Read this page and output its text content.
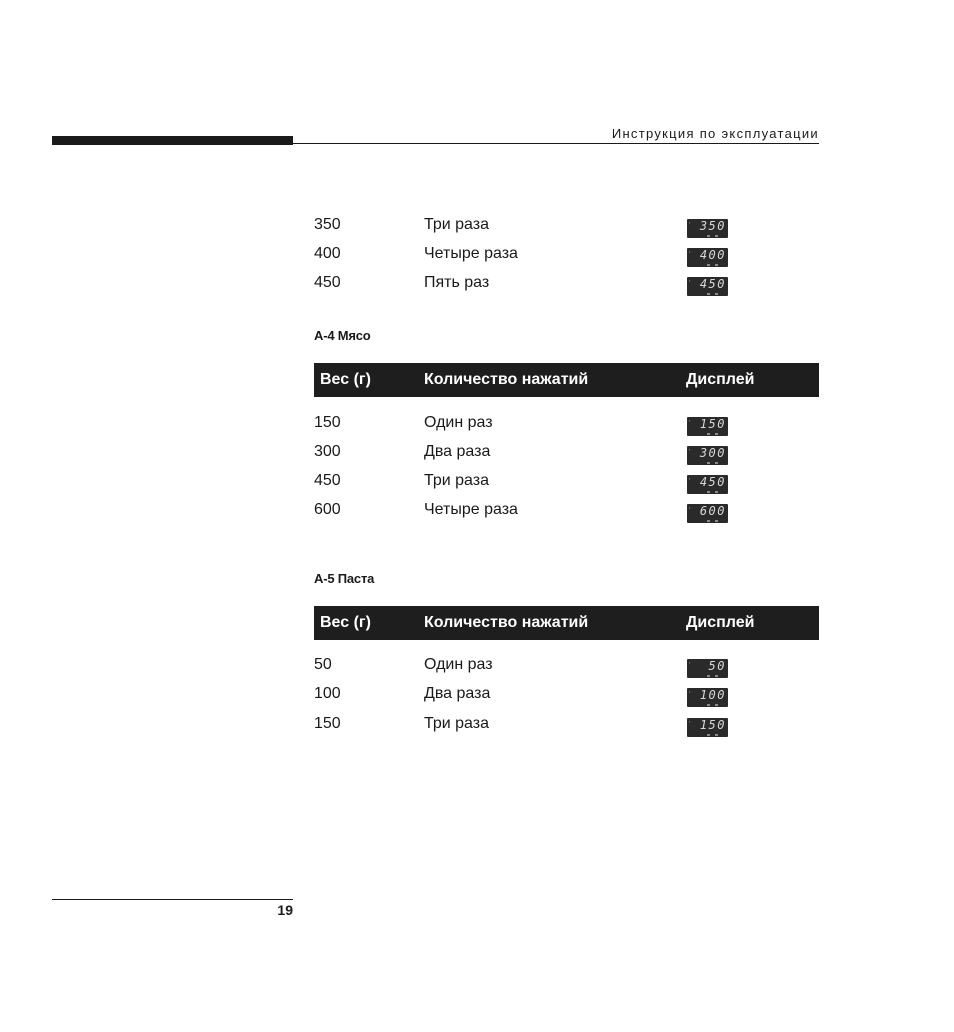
Инструкция по эксплуатации
350	Три раза	▪ 350
400	Четыре раза	▪ 400
450	Пять раз	▪ 450
А-4 Мясо
Вес (г)	Количество нажатий	Дисплей
150	Один раз	▪ 150
300	Два раза	▪ 300
450	Три раза	▪ 450
600	Четыре раза	▪ 600
А-5 Паста
Вес (г)	Количество нажатий	Дисплей
50	Один раз	▪	50
100	Два раза	▪ 100
150	Три раза	▪ 150
19
